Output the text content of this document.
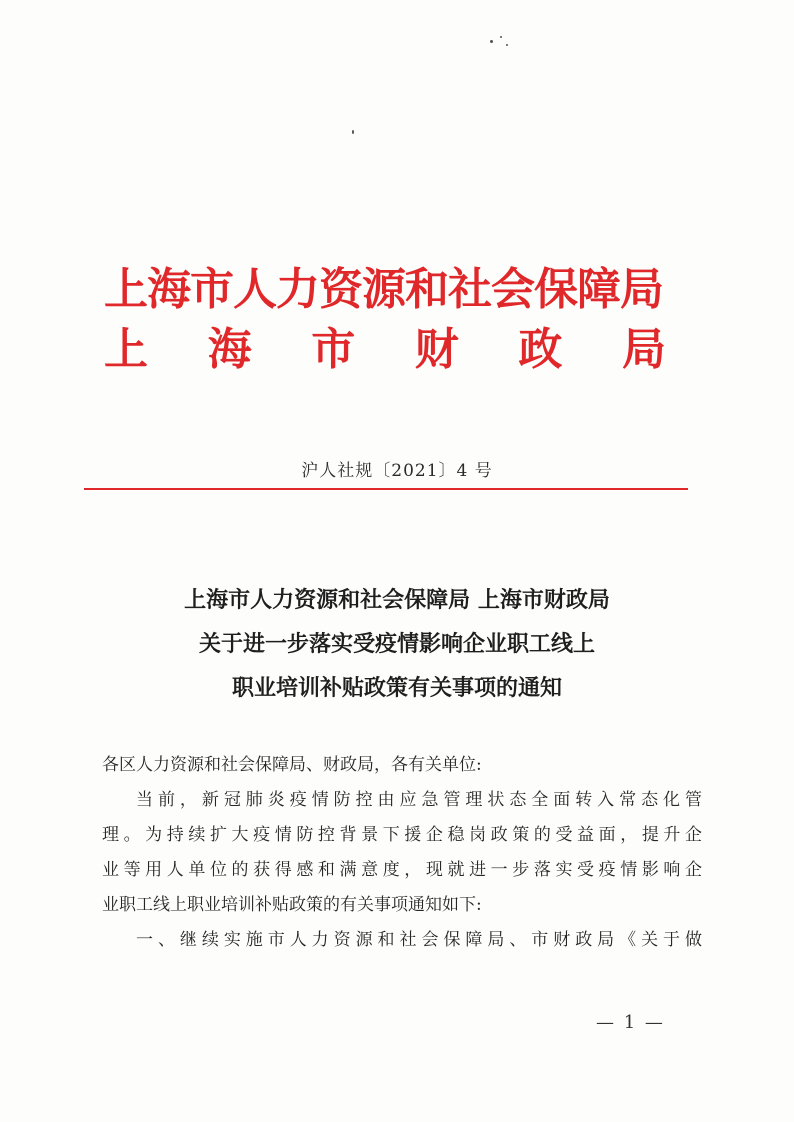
上海市人力资源和社会保障局
上 海 市 财 政 局
沪人社规〔2021〕4 号
上海市人力资源和社会保障局 上海市财政局
关于进一步落实受疫情影响企业职工线上
职业培训补贴政策有关事项的通知
各区人力资源和社会保障局、财政局，各有关单位:
当前，新冠肺炎疫情防控由应急管理状态全面转入常态化管
理。为持续扩大疫情防控背景下援企稳岗政策的受益面，提升企
业等用人单位的获得感和满意度，现就进一步落实受疫情影响企
业职工线上职业培训补贴政策的有关事项通知如下:
一、继续实施市人力资源和社会保障局、市财政局《关于做
— 1 —
